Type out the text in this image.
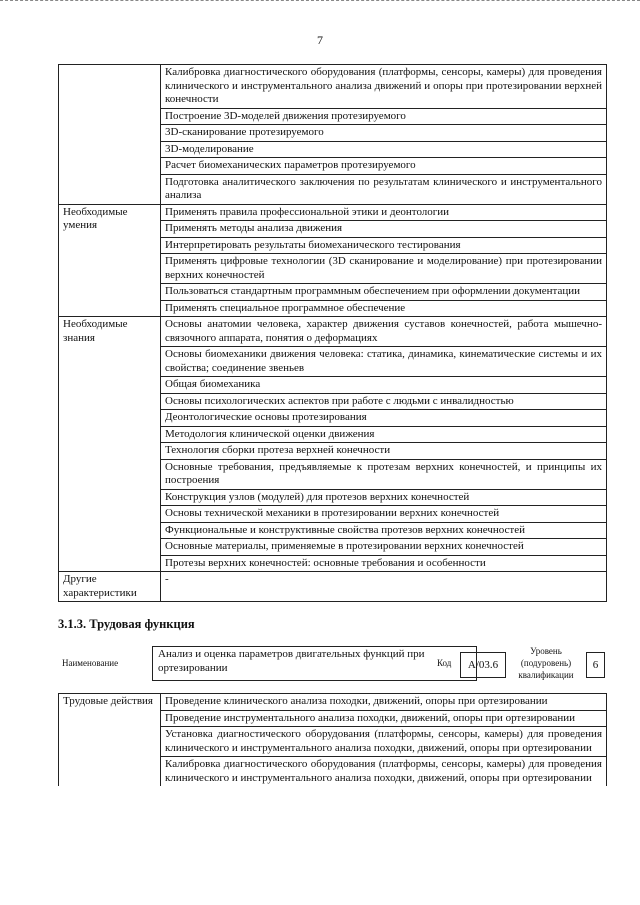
7
	Калибровка диагностического оборудования (платформы, сенсоры, камеры) для проведения клинического и инструментального анализа движений и опоры при протезировании верхней конечности
	Построение 3D-моделей движения протезируемого
	3D-сканирование протезируемого
	3D-моделирование
	Расчет биомеханических параметров протезируемого
	Подготовка аналитического заключения по результатам клинического и инструментального анализа
Необходимые умения	Применять правила профессиональной этики и деонтологии
	Применять методы анализа движения
	Интерпретировать результаты биомеханического тестирования
	Применять цифровые технологии (3D сканирование и моделирование) при протезировании верхних конечностей
	Пользоваться стандартным программным обеспечением при оформлении документации
	Применять специальное программное обеспечение
Необходимые знания	Основы анатомии человека, характер движения суставов конечностей, работа мышечно-связочного аппарата, понятия о деформациях
	Основы биомеханики движения человека: статика, динамика, кинематические системы и их свойства; соединение звеньев
	Общая биомеханика
	Основы психологических аспектов при работе с людьми с инвалидностью
	Деонтологические основы протезирования
	Методология клинической оценки движения
	Технология сборки протеза верхней конечности
	Основные требования, предъявляемые к протезам верхних конечностей, и принципы их построения
	Конструкция узлов (модулей) для протезов верхних конечностей
	Основы технической механики в протезировании верхних конечностей
	Функциональные и конструктивные свойства протезов верхних конечностей
	Основные материалы, применяемые в протезировании верхних конечностей
	Протезы верхних конечностей: основные требования и особенности
Другие характеристики	-
3.1.3. Трудовая функция
Наименование
Анализ и оценка параметров двигательных функций при ортезировании	Код	А/03.6
Уровень (подуровень) квалификации
6
Трудовые действия	Проведение клинического анализа походки, движений, опоры при ортезировании
Проведение инструментального анализа походки, движений, опоры при ортезировании
Установка диагностического оборудования (платформы, сенсоры, камеры) для проведения клинического и инструментального анализа походки, движений, опоры при ортезировании
Калибровка диагностического оборудования (платформы, сенсоры, камеры) для проведения клинического и инструментального анализа походки, движений, опоры при ортезировании
